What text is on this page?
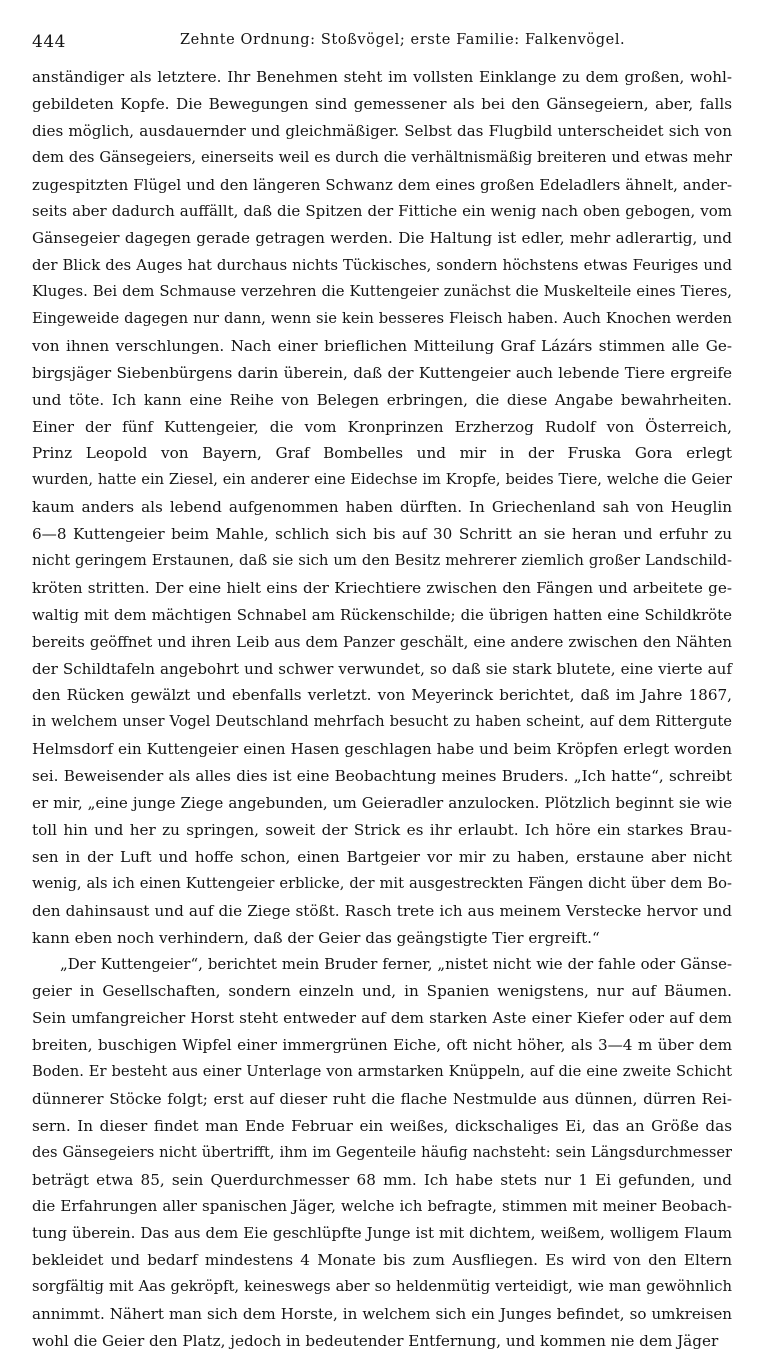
444	Zehnte Ordnung: Stoßvögel; erste Familie: Falkenvögel.
anständiger als letztere. Ihr Benehmen steht im vollsten Einklange zu dem großen, wohl-
gebildeten Kopfe. Die Bewegungen sind gemessener als bei den Gänsegeiern, aber, falls
dies möglich, ausdauernder und gleichmäßiger. Selbst das Flugbild unterscheidet sich von
dem des Gänsegeiers, einerseits weil es durch die verhältnismäßig breiteren und etwas mehr
zugespitzten Flügel und den längeren Schwanz dem eines großen Edeladlers ähnelt, ander-
seits aber dadurch auffällt, daß die Spitzen der Fittiche ein wenig nach oben gebogen, vom
Gänsegeier dagegen gerade getragen werden. Die Haltung ist edler, mehr adlerartig, und
der Blick des Auges hat durchaus nichts Tückisches, sondern höchstens etwas Feuriges und
Kluges. Bei dem Schmause verzehren die Kuttengeier zunächst die Muskelteile eines Tieres,
Eingeweide dagegen nur dann, wenn sie kein besseres Fleisch haben. Auch Knochen werden
von ihnen verschlungen. Nach einer brieflichen Mitteilung Graf Lázárs stimmen alle Ge-
birgsjäger Siebenbürgens darin überein, daß der Kuttengeier auch lebende Tiere ergreife
und töte. Ich kann eine Reihe von Belegen erbringen, die diese Angabe bewahrheiten.
Einer der fünf Kuttengeier, die vom Kronprinzen Erzherzog Rudolf von Österreich,
Prinz Leopold von Bayern, Graf Bombelles und mir in der Fruska Gora erlegt
wurden, hatte ein Ziesel, ein anderer eine Eidechse im Kropfe, beides Tiere, welche die Geier
kaum anders als lebend aufgenommen haben dürften. In Griechenland sah von Heuglin
6—8 Kuttengeier beim Mahle, schlich sich bis auf 30 Schritt an sie heran und erfuhr zu
nicht geringem Erstaunen, daß sie sich um den Besitz mehrerer ziemlich großer Landschild-
kröten stritten. Der eine hielt eins der Kriechtiere zwischen den Fängen und arbeitete ge-
waltig mit dem mächtigen Schnabel am Rückenschilde; die übrigen hatten eine Schildkröte
bereits geöffnet und ihren Leib aus dem Panzer geschält, eine andere zwischen den Nähten
der Schildtafeln angebohrt und schwer verwundet, so daß sie stark blutete, eine vierte auf
den Rücken gewälzt und ebenfalls verletzt. von Meyerinck berichtet, daß im Jahre 1867,
in welchem unser Vogel Deutschland mehrfach besucht zu haben scheint, auf dem Rittergute
Helmsdorf ein Kuttengeier einen Hasen geschlagen habe und beim Kröpfen erlegt worden
sei. Beweisender als alles dies ist eine Beobachtung meines Bruders. „Ich hatte“, schreibt
er mir, „eine junge Ziege angebunden, um Geieradler anzulocken. Plötzlich beginnt sie wie
toll hin und her zu springen, soweit der Strick es ihr erlaubt. Ich höre ein starkes Brau-
sen in der Luft und hoffe schon, einen Bartgeier vor mir zu haben, erstaune aber nicht
wenig, als ich einen Kuttengeier erblicke, der mit ausgestreckten Fängen dicht über dem Bo-
den dahinsaust und auf die Ziege stößt. Rasch trete ich aus meinem Verstecke hervor und
kann eben noch verhindern, daß der Geier das geängstigte Tier ergreift.“
„Der Kuttengeier“, berichtet mein Bruder ferner, „nistet nicht wie der fahle oder Gänse-
geier in Gesellschaften, sondern einzeln und, in Spanien wenigstens, nur auf Bäumen.
Sein umfangreicher Horst steht entweder auf dem starken Aste einer Kiefer oder auf dem
breiten, buschigen Wipfel einer immergrünen Eiche, oft nicht höher, als 3—4 m über dem
Boden. Er besteht aus einer Unterlage von armstarken Knüppeln, auf die eine zweite Schicht
dünnerer Stöcke folgt; erst auf dieser ruht die flache Nestmulde aus dünnen, dürren Rei-
sern. In dieser findet man Ende Februar ein weißes, dickschaliges Ei, das an Größe das
des Gänsegeiers nicht übertrifft, ihm im Gegenteile häufig nachsteht: sein Längsdurchmesser
beträgt etwa 85, sein Querdurchmesser 68 mm. Ich habe stets nur 1 Ei gefunden, und
die Erfahrungen aller spanischen Jäger, welche ich befragte, stimmen mit meiner Beobach-
tung überein. Das aus dem Eie geschlüpfte Junge ist mit dichtem, weißem, wolligem Flaum
bekleidet und bedarf mindestens 4 Monate bis zum Ausfliegen. Es wird von den Eltern
sorgfältig mit Aas gekröpft, keineswegs aber so heldenmütig verteidigt, wie man gewöhnlich
annimmt. Nähert man sich dem Horste, in welchem sich ein Junges befindet, so umkreisen
wohl die Geier den Platz, jedoch in bedeutender Entfernung, und kommen nie dem Jäger
